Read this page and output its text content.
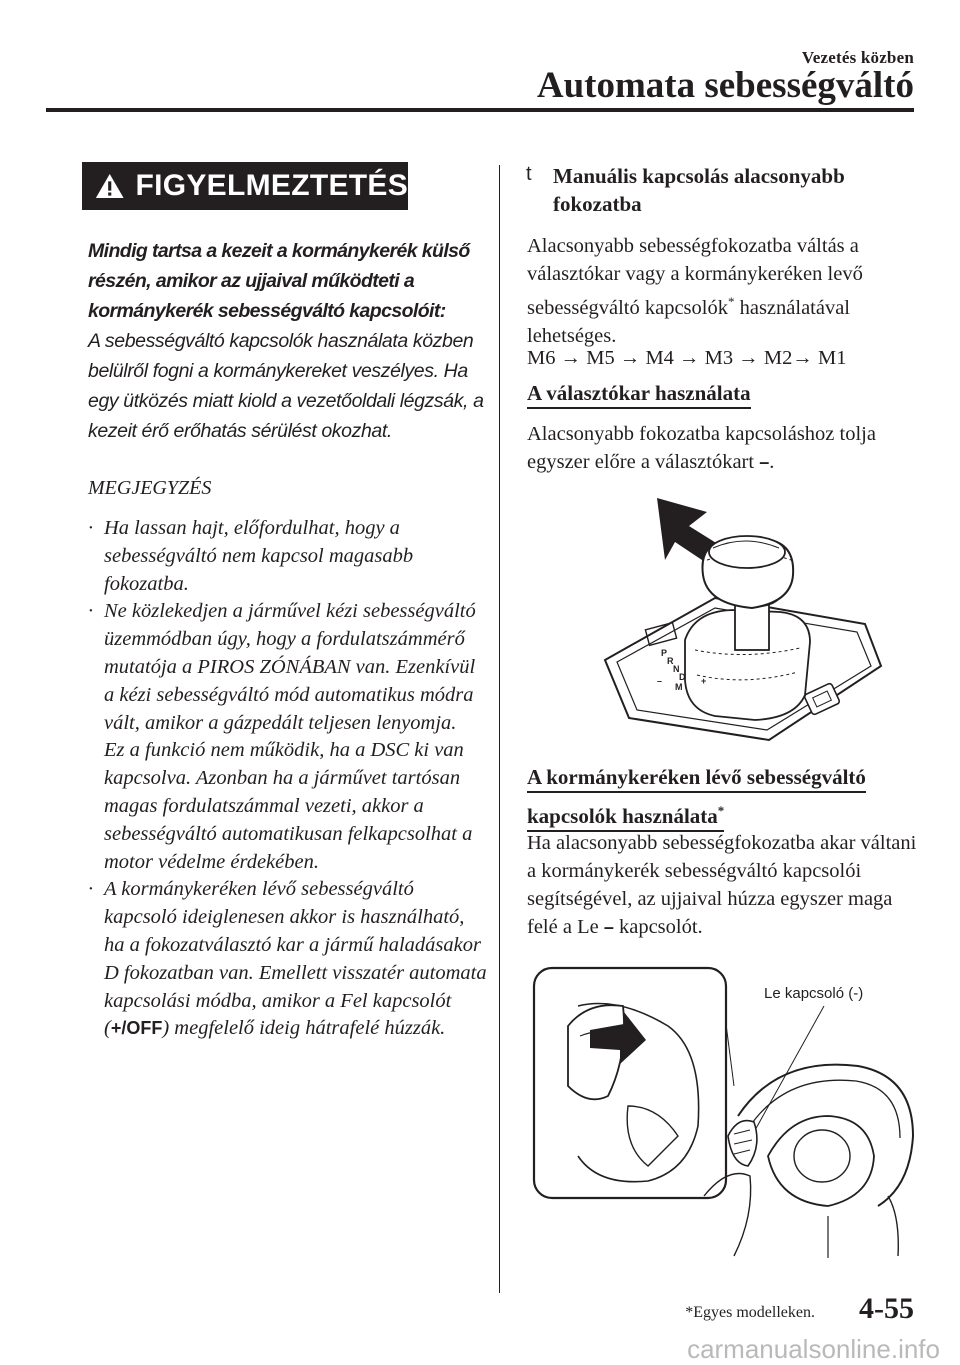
Vezetés közben
Automata sebességváltó
FIGYELMEZTETÉS
Mindig tartsa a kezeit a kormánykerék külső részén, amikor az ujjaival működteti a kormánykerék sebességváltó kapcsolóit:
A sebességváltó kapcsolók használata közben belülről fogni a kormánykereket veszélyes. Ha egy ütközés miatt kiold a vezetőoldali légzsák, a kezeit érő erőhatás sérülést okozhat.
MEGJEGYZÉS
· Ha lassan hajt, előfordulhat, hogy a sebességváltó nem kapcsol magasabb fokozatba.
· Ne közlekedjen a járművel kézi sebességváltó üzemmódban úgy, hogy a fordulatszámmérő mutatója a PIROS ZÓNÁBAN van. Ezenkívül a kézi sebességváltó mód automatikus módra vált, amikor a gázpedált teljesen lenyomja.
Ez a funkció nem működik, ha a DSC ki van kapcsolva. Azonban ha a járművet tartósan magas fordulatszámmal vezeti, akkor a sebességváltó automatikusan felkapcsolhat a motor védelme érdekében.
· A kormánykeréken lévő sebességváltó kapcsoló ideiglenesen akkor is használható, ha a fokozatválasztó kar a jármű haladásakor D fokozatban van. Emellett visszatér automata kapcsolási módba, amikor a Fel kapcsolót (+/OFF) megfelelő ideig hátrafelé húzzák.
t Manuális kapcsolás alacsonyabb fokozatba
Alacsonyabb sebességfokozatba váltás a választókar vagy a kormánykeréken levő sebességváltó kapcsolók* használatával lehetséges.
M6 → M5 → M4 → M3 → M2→ M1
A választókar használata
Alacsonyabb fokozatba kapcsoláshoz tolja egyszer előre a választókart –.
P
R
N
D
M
+
–
A kormánykeréken lévő sebességváltó
kapcsolók használata*
Ha alacsonyabb sebességfokozatba akar váltani a kormánykerék sebességváltó kapcsolói segítségével, az ujjaival húzza egyszer maga felé a Le – kapcsolót.
Le kapcsoló (-)
*Egyes modelleken. 4-55
carmanualsonline.info
